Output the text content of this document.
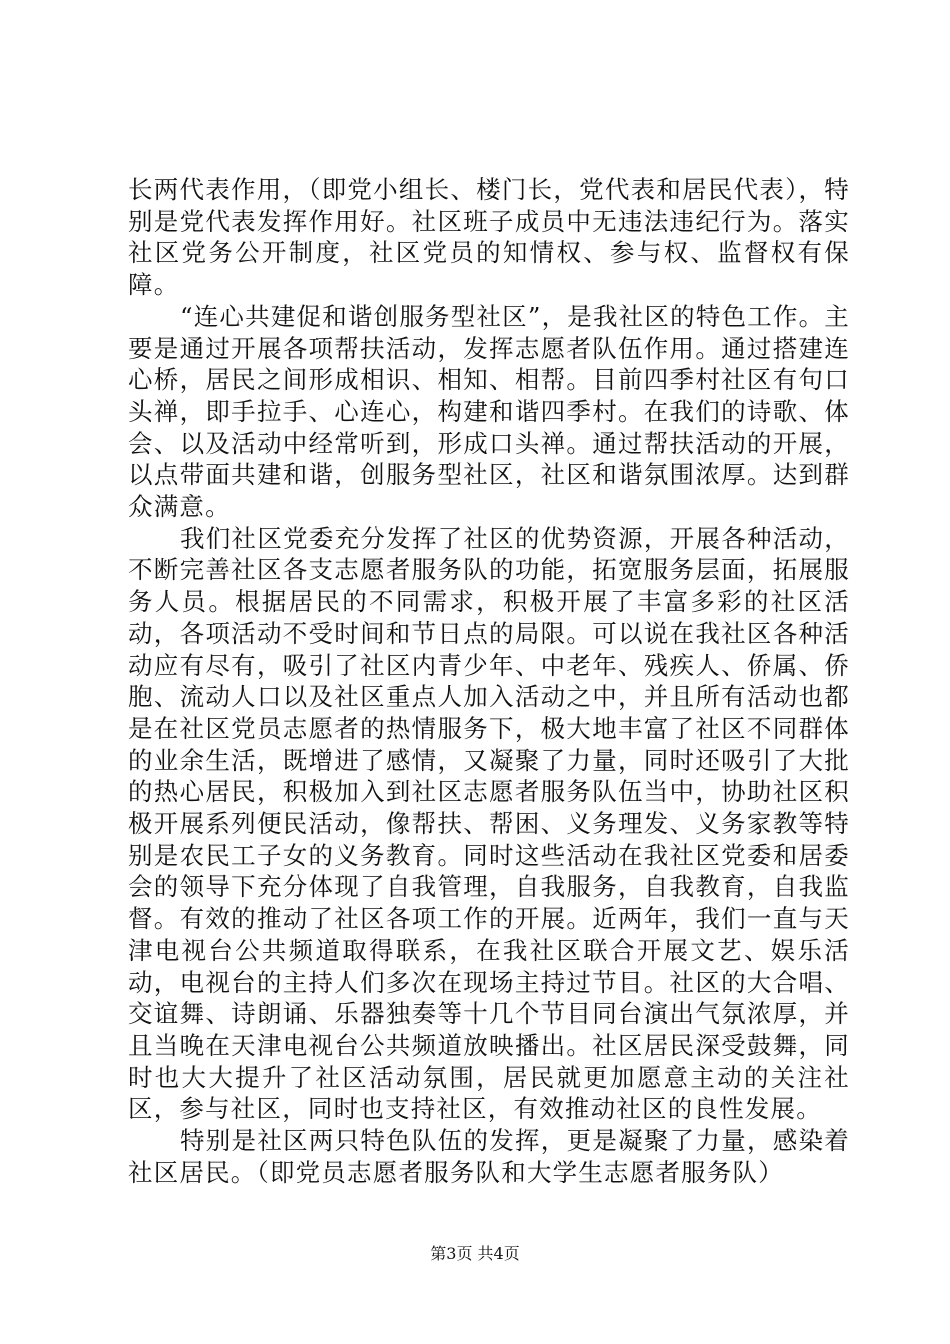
长两代表作用，（即党小组长、楼门长，党代表和居民代表），特别是党代表发挥作用好。社区班子成员中无违法违纪行为。落实社区党务公开制度，社区党员的知情权、参与权、监督权有保障。

“连心共建促和谐创服务型社区”，是我社区的特色工作。主要是通过开展各项帮扶活动，发挥志愿者队伍作用。通过搭建连心桥，居民之间形成相识、相知、相帮。目前四季村社区有句口头禅，即手拉手、心连心，构建和谐四季村。在我们的诗歌、体会、以及活动中经常听到，形成口头禅。通过帮扶活动的开展，以点带面共建和谐，创服务型社区，社区和谐氛围浓厚。达到群众满意。

我们社区党委充分发挥了社区的优势资源，开展各种活动，不断完善社区各支志愿者服务队的功能，拓宽服务层面，拓展服务人员。根据居民的不同需求，积极开展了丰富多彩的社区活动，各项活动不受时间和节日点的局限。可以说在我社区各种活动应有尽有，吸引了社区内青少年、中老年、残疾人、侨属、侨胞、流动人口以及社区重点人加入活动之中，并且所有活动也都是在社区党员志愿者的热情服务下，极大地丰富了社区不同群体的业余生活，既增进了感情，又凝聚了力量，同时还吸引了大批的热心居民，积极加入到社区志愿者服务队伍当中，协助社区积极开展系列便民活动，像帮扶、帮困、义务理发、义务家教等特别是农民工子女的义务教育。同时这些活动在我社区党委和居委会的领导下充分体现了自我管理，自我服务，自我教育，自我监督。有效的推动了社区各项工作的开展。近两年，我们一直与天津电视台公共频道取得联系，在我社区联合开展文艺、娱乐活动，电视台的主持人们多次在现场主持过节目。社区的大合唱、交谊舞、诗朗诵、乐器独奏等十几个节目同台演出气氛浓厚，并且当晚在天津电视台公共频道放映播出。社区居民深受鼓舞，同时也大大提升了社区活动氛围，居民就更加愿意主动的关注社区，参与社区，同时也支持社区，有效推动社区的良性发展。

特别是社区两只特色队伍的发挥，更是凝聚了力量，感染着社区居民。（即党员志愿者服务队和大学生志愿者服务队）

第3页 共4页
